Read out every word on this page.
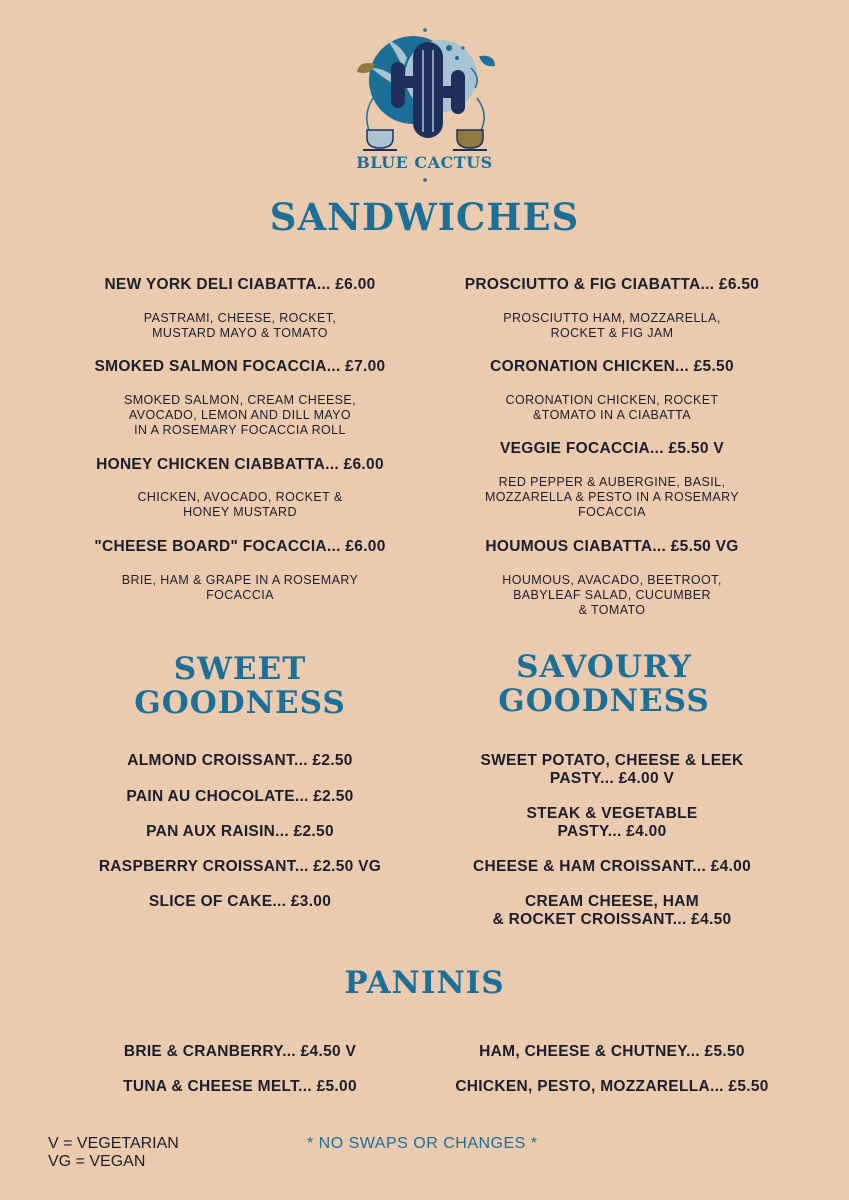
BLUE CACTUS
SANDWICHES
NEW YORK DELI CIABATTA... £6.00
PASTRAMI, CHEESE, ROCKET,
MUSTARD MAYO & TOMATO
SMOKED SALMON FOCACCIA... £7.00
SMOKED SALMON, CREAM CHEESE,
AVOCADO, LEMON AND DILL MAYO
IN A ROSEMARY FOCACCIA ROLL
HONEY CHICKEN CIABBATTA... £6.00
CHICKEN, AVOCADO, ROCKET &
HONEY MUSTARD
"CHEESE BOARD" FOCACCIA... £6.00
BRIE, HAM & GRAPE IN A ROSEMARY
FOCACCIA
PROSCIUTTO & FIG CIABATTA... £6.50
PROSCIUTTO HAM, MOZZARELLA,
ROCKET & FIG JAM
CORONATION CHICKEN... £5.50
CORONATION CHICKEN, ROCKET
&TOMATO IN A CIABATTA
VEGGIE FOCACCIA... £5.50 V
RED PEPPER & AUBERGINE, BASIL,
MOZZARELLA & PESTO IN A ROSEMARY
FOCACCIA
HOUMOUS CIABATTA... £5.50 VG
HOUMOUS, AVACADO, BEETROOT,
BABYLEAF SALAD, CUCUMBER
& TOMATO
SWEET
GOODNESS
SAVOURY
GOODNESS
ALMOND CROISSANT... £2.50
PAIN AU CHOCOLATE... £2.50
PAN AUX RAISIN... £2.50
RASPBERRY CROISSANT... £2.50 VG
SLICE OF CAKE... £3.00
SWEET POTATO, CHEESE & LEEK
PASTY... £4.00 V
STEAK & VEGETABLE
PASTY... £4.00
CHEESE & HAM CROISSANT... £4.00
CREAM CHEESE, HAM
& ROCKET CROISSANT... £4.50
PANINIS
BRIE & CRANBERRY... £4.50 V
TUNA & CHEESE MELT... £5.00
HAM, CHEESE & CHUTNEY... £5.50
CHICKEN, PESTO, MOZZARELLA... £5.50
V = VEGETARIAN
VG = VEGAN
* NO SWAPS OR CHANGES *
